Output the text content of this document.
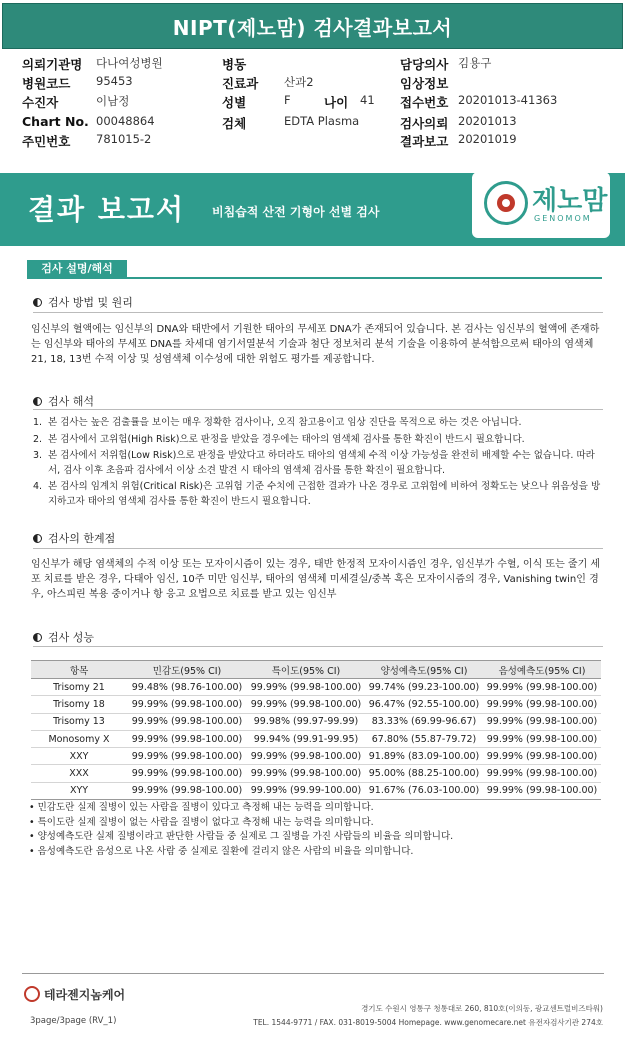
NIPT(제노맘) 검사결과보고서
의뢰기관명 다나여성병원	병동	담당의사 김용구
병원코드 95453	진료과 산과2	임상정보
수진자	이남정	성별	F	나이 41 접수번호 20201013-41363
Chart No. 00048864	검체	EDTA Plasma	검사의뢰 20201013
주민번호 781015-2	결과보고 20201019
결과 보고서 비침습적 산전 기형아 선별 검사	제노맘
GENOMOM
검사 설명/해석
검사 방법 및 원리
임신부의 혈액에는 임신부의 DNA와 태반에서 기원한 태아의 무세포 DNA가 존재되어 있습니다. 본 검사는 임신부의 혈액에 존재하는 임신부와 태아의 무세포 DNA를 차세대 염기서열분석 기술과 첨단 정보처리 분석 기술을 이용하여 분석함으로써 태아의 염색체 21, 18, 13번 수적 이상 및 성염색체 이수성에 대한 위험도 평가를 제공합니다.
검사 해석
1. 본 검사는 높은 검출률을 보이는 매우 정확한 검사이나, 오직 참고용이고 임상 진단을 목적으로 하는 것은 아닙니다.
2. 본 검사에서 고위험(High Risk)으로 판정을 받았을 경우에는 태아의 염색체 검사를 통한 확진이 반드시 필요합니다.
3. 본 검사에서 저위험(Low Risk)으로 판정을 받았다고 하더라도 태아의 염색체 수적 이상 가능성을 완전히 배제할 수는 없습니다. 따라서, 검사 이후 초음파 검사에서 이상 소견 발견 시 태아의 염색체 검사를 통한 확진이 필요합니다.
4. 본 검사의 임계치 위험(Critical Risk)은 고위험 기준 수치에 근접한 결과가 나온 경우로 고위험에 비하여 정확도는 낮으나 위음성을 방지하고자 태아의 염색체 검사를 통한 확진이 반드시 필요합니다.
검사의 한계점
임신부가 해당 염색체의 수적 이상 또는 모자이시즘이 있는 경우, 태반 한정적 모자이시즘인 경우, 임신부가 수혈, 이식 또는 줄기 세포 치료를 받은 경우, 다태아 임신, 10주 미만 임신부, 태아의 염색체 미세결실/중복 혹은 모자이시즘의 경우, Vanishing twin인 경우, 아스피린 복용 중이거나 항 응고 요법으로 치료를 받고 있는 임신부
검사 성능
항목	민감도(95% CI)	특이도(95% CI)	양성예측도(95% CI)	음성예측도(95% CI)
Trisomy 21	99.48% (98.76-100.00)	99.99% (99.98-100.00)	99.74% (99.23-100.00)	99.99% (99.98-100.00)
Trisomy 18	99.99% (99.98-100.00)	99.99% (99.98-100.00)	96.47% (92.55-100.00)	99.99% (99.98-100.00)
Trisomy 13	99.99% (99.98-100.00)	99.98% (99.97-99.99)	83.33% (69.99-96.67)	99.99% (99.98-100.00)
Monosomy X	99.99% (99.98-100.00)	99.94% (99.91-99.95)	67.80% (55.87-79.72)	99.99% (99.98-100.00)
XXY	99.99% (99.98-100.00)	99.99% (99.98-100.00)	91.89% (83.09-100.00)	99.99% (99.98-100.00)
XXX	99.99% (99.98-100.00)	99.99% (99.98-100.00)	95.00% (88.25-100.00)	99.99% (99.98-100.00)
XYY	99.99% (99.98-100.00)	99.99% (99.99-100.00)	91.67% (76.03-100.00)	99.99% (99.98-100.00)
• 민감도란 실제 질병이 있는 사람을 질병이 있다고 측정해 내는 능력을 의미합니다.
• 특이도란 실제 질병이 없는 사람을 질병이 없다고 측정해 내는 능력을 의미합니다.
• 양성예측도란 실제 질병이라고 판단한 사람들 중 실제로 그 질병을 가진 사람들의 비율을 의미합니다.
• 음성예측도란 음성으로 나온 사람 중 실제로 질환에 걸리지 않은 사람의 비율을 의미합니다.
테라젠지놈케어
경기도 수원시 영통구 청통대로 260, 810호(이의동, 광교센트럴비즈타워)
TEL. 1544-9771 / FAX. 031-8019-5004 Homepage. www.genomecare.net 유전자검사기관 274호
3page/3page (RV_1)
